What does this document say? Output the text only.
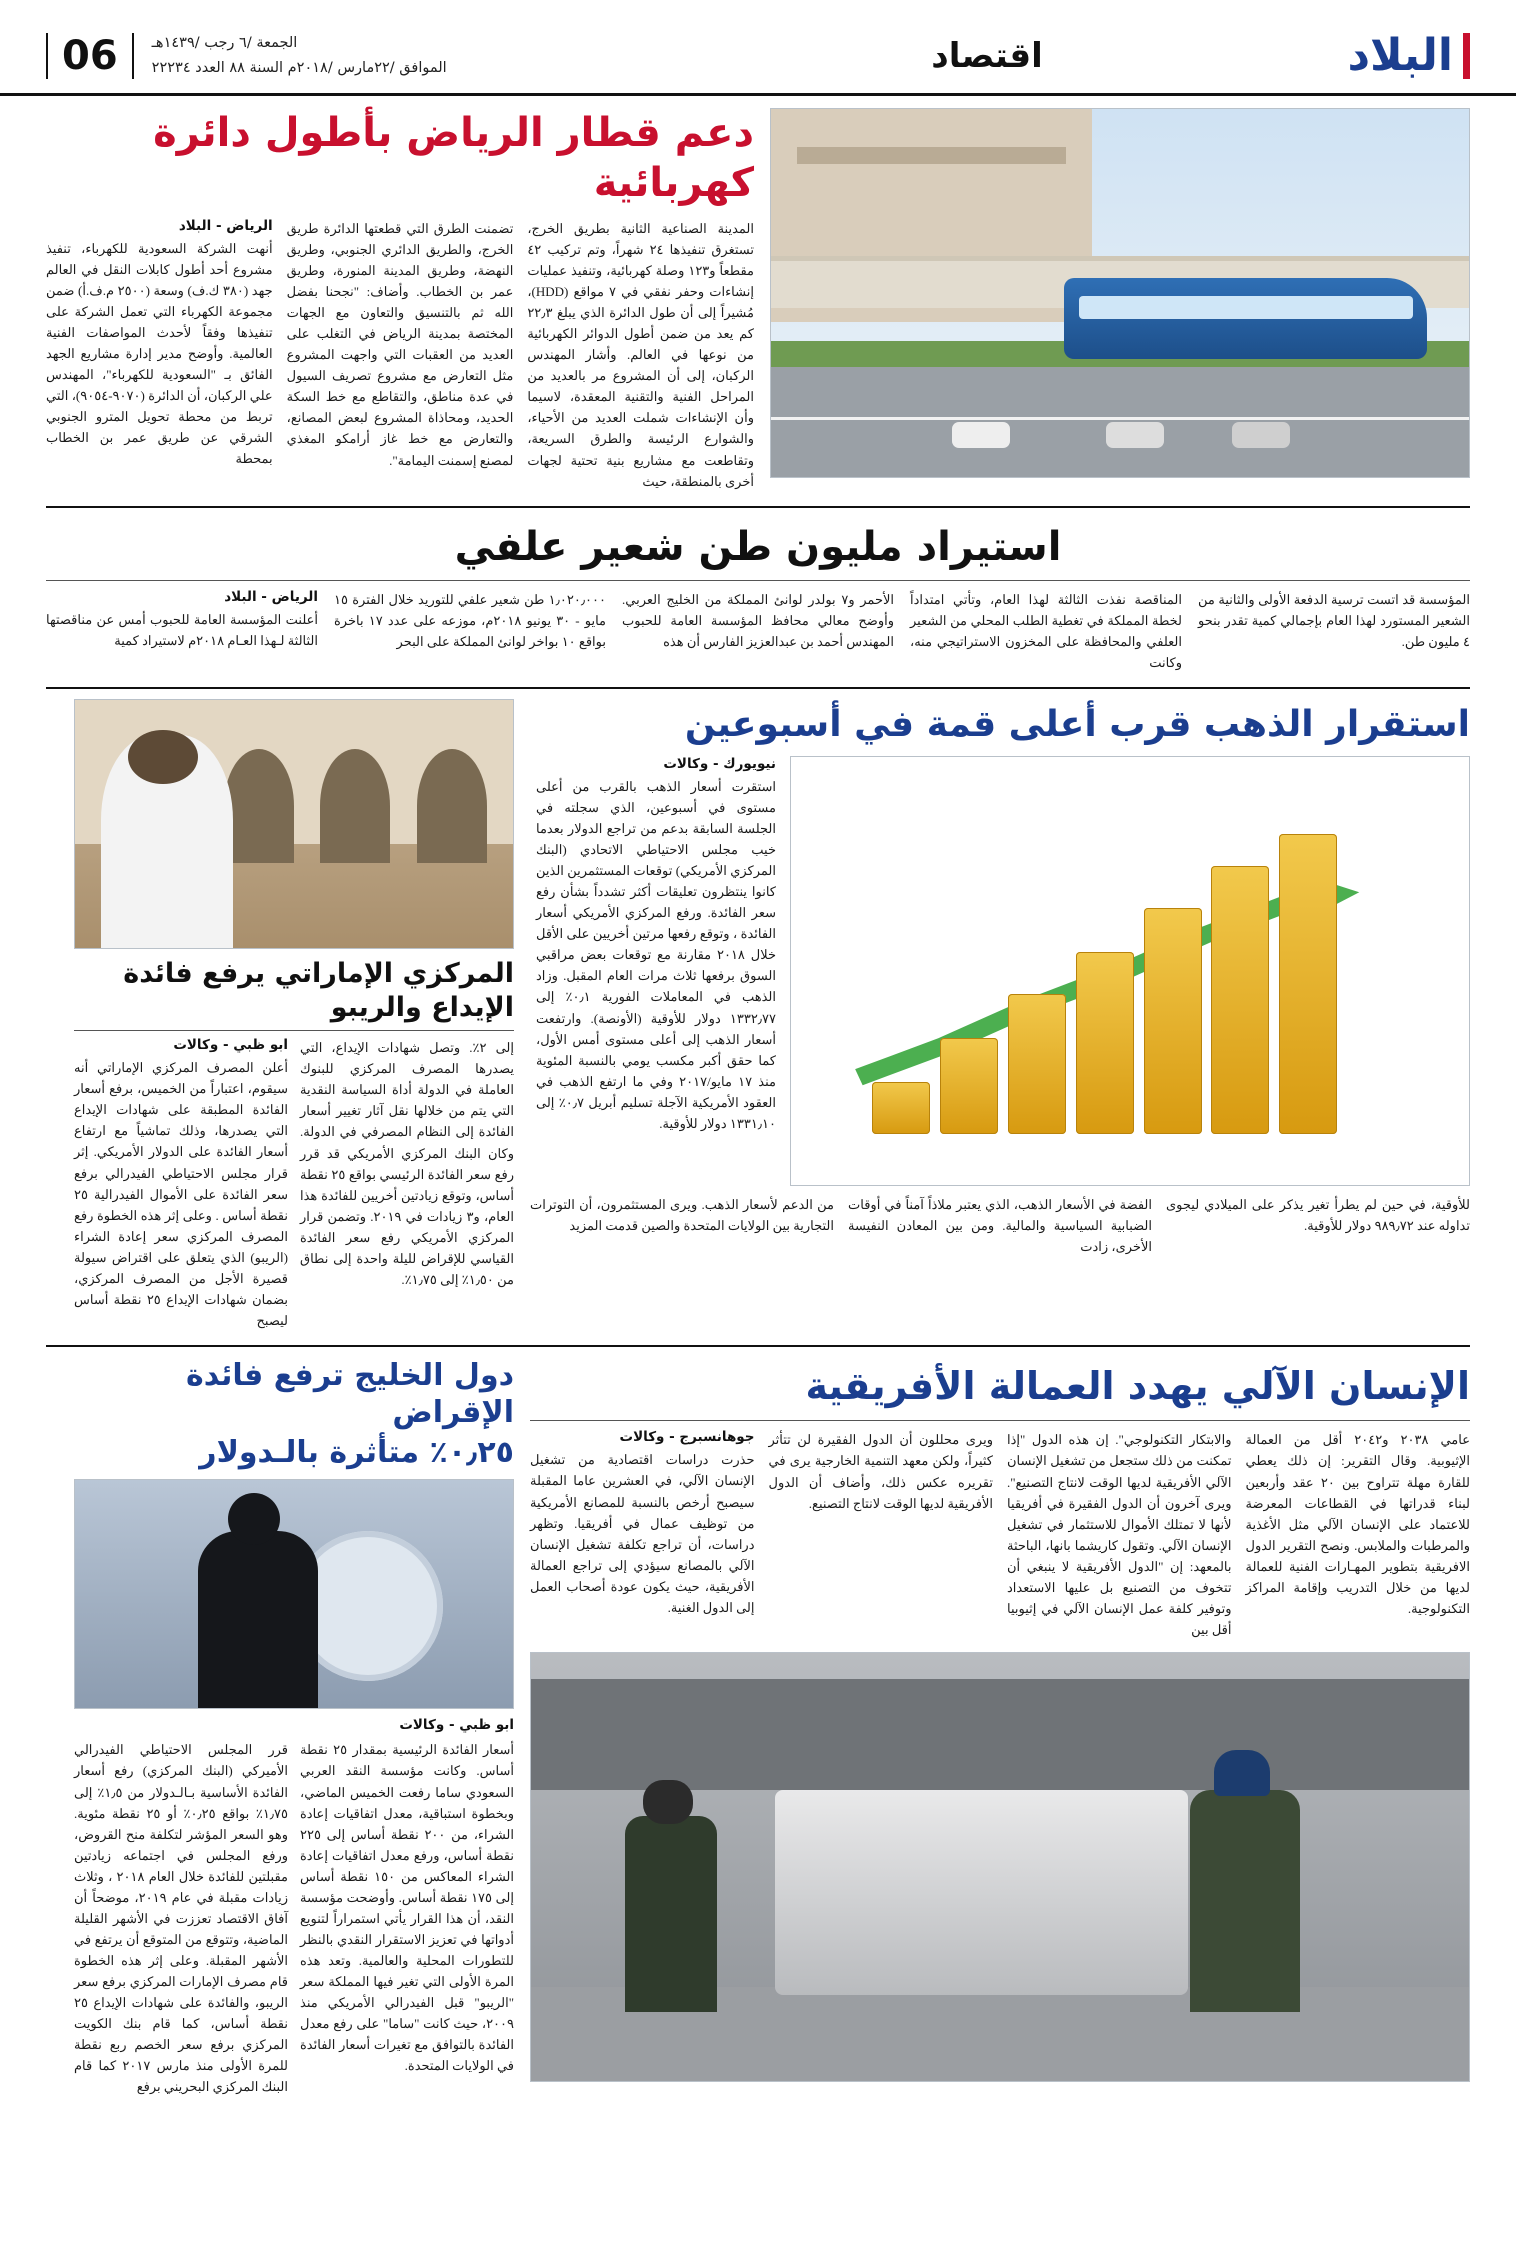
البلاد
اقتصاد
الجمعة /٦ رجب /١٤٣٩هـ
الموافق /٢٢مارس /٢٠١٨م السنة ٨٨ العدد ٢٢٢٣٤
06
دعم قطار الرياض بأطول دائرة كهربائية
المدينة الصناعية الثانية بطريق الخرج، تستغرق تنفيذها ٢٤ شهراً، وتم تركيب ٤٢ مقطعاً و١٢٣ وصلة كهربائية، وتنفيذ عمليات إنشاءات وحفر نفقي في ٧ مواقع (HDD)، مُشيراً إلى أن طول الدائرة الذي يبلغ ٢٢٫٣ كم يعد من ضمن أطول الدوائر الكهربائية من نوعها في العالم. وأشار المهندس الركبان، إلى أن المشروع مر بالعديد من المراحل الفنية والتقنية المعقدة، لاسيما وأن الإنشاءات شملت العديد من الأحياء، والشوارع الرئيسة والطرق السريعة، وتقاطعت مع مشاريع بنية تحتية لجهات أخرى بالمنطقة، حيث
تضمنت الطرق التي قطعتها الدائرة طريق الخرج، والطريق الدائري الجنوبي، وطريق النهضة، وطريق المدينة المنورة، وطريق عمر بن الخطاب. وأضاف: "نجحنا بفضل الله ثم بالتنسيق والتعاون مع الجهات المختصة بمدينة الرياض في التغلب على العديد من العقبات التي واجهت المشروع مثل التعارض مع مشروع تصريف السيول في عدة مناطق، والتقاطع مع خط السكة الحديد، ومحاذاة المشروع لبعض المصانع، والتعارض مع خط غاز أرامكو المغذي لمصنع إسمنت اليمامة".
الرياض - البلاد
أنهت الشركة السعودية للكهرباء، تنفيذ مشروع أحد أطول كابلات النقل في العالم جهد (٣٨٠ ك.ف) وسعة (٢٥٠٠ م.ف.أ) ضمن مجموعة الكهرباء التي تعمل الشركة على تنفيذها وفقاً لأحدث المواصفات الفنية العالمية. وأوضح مدير إدارة مشاريع الجهد الفائق بـ "السعودية للكهرباء"، المهندس علي الركبان، أن الدائرة (٩٠٧٠-٩٠٥٤)، التي تربط من محطة تحويل المترو الجنوبي الشرقي عن طريق عمر بن الخطاب بمحطة
استيراد مليون طن شعير علفي
المؤسسة قد اتست ترسية الدفعة الأولى والثانية من الشعير المستورد لهذا العام بإجمالي كمية تقدر بنحو ٤ مليون طن.
المناقصة نفذت الثالثة لهذا العام، وتأتي امتداداً لخطة المملكة في تغطية الطلب المحلي من الشعير العلفي والمحافظة على المخزون الاستراتيجي منه، وكانت
الأحمر و٧ بولدر لوانئ المملكة من الخليج العربي. وأوضح معالي محافظ المؤسسة العامة للحبوب المهندس أحمد بن عبدالعزيز الفارس أن هذه
١٫٠٢٠٫٠٠٠ طن شعير علفي للتوريد خلال الفترة ١٥ مايو - ٣٠ يونيو ٢٠١٨م، موزعه على عدد ١٧ باخرة بواقع ١٠ بواخر لوانئ المملكة على البحر
الرياض - البلاد
أعلنت المؤسسة العامة للحبوب أمس عن مناقصتها الثالثة لـهذا العـام ٢٠١٨م لاستيراد كمية
استقرار الذهب قرب أعلى قمة في أسبوعين
نيويورك - وكالات
استقرت أسعار الذهب بالقرب من أعلى مستوى في أسبوعين، الذي سجلته في الجلسة السابقة بدعم من تراجع الدولار بعدما خيب مجلس الاحتياطي الاتحادي (البنك المركزي الأمريكي) توقعات المستثمرين الذين كانوا ينتظرون تعليقات أكثر تشدداً بشأن رفع سعر الفائدة. ورفع المركزي الأمريكي أسعار الفائدة ، وتوقع رفعها مرتين أخريين على الأقل خلال ٢٠١٨ مقارنة مع توقعات بعض مراقبي السوق برفعها ثلاث مرات العام المقبل. وزاد الذهب في المعاملات الفورية ٠٫١٪ إلى ١٣٣٢٫٧٧ دولار للأوقية (الأونصة). وارتفعت أسعار الذهب إلى أعلى مستوى أمس الأول، كما حقق أكبر مكسب يومي بالنسبة المئوية منذ ١٧ مايو/٢٠١٧ وفي ما ارتفع الذهب في العقود الأمريكية الآجلة تسليم أبريل ٠٫٧٪ إلى ١٣٣١٫١٠ دولار للأوقية.
للأوقية، في حين لم يطرأ تغير يذكر على الميلادي ليجوى تداوله عند ٩٨٩٫٧٢ دولار للأوقية.
الفضة في الأسعار الذهب، الذي يعتبر ملاذاً آمناً في أوقات الضبابية السياسية والمالية. ومن بين المعادن النفيسة الأخرى، زادت
من الدعم لأسعار الذهب. ويرى المستثمرون، أن التوترات التجارية بين الولايات المتحدة والصين قدمت المزيد
المركزي الإماراتي يرفع فائدة الإيداع والريبو
إلى ٢٪. وتصل شهادات الإيداع، التي يصدرها المصرف المركزي للبنوك العاملة في الدولة أداة السياسة النقدية التي يتم من خلالها نقل آثار تغيير أسعار الفائدة إلى النظام المصرفي في الدولة. وكان البنك المركزي الأمريكي قد قرر رفع سعر الفائدة الرئيسي بواقع ٢٥ نقطة أساس، وتوقع زيادتين أخريين للفائدة هذا العام، و٣ زيادات في ٢٠١٩. وتضمن قرار المركزي الأمريكي رفع سعر الفائدة القياسي للإقراض لليلة واحدة إلى نطاق من ١٫٥٠٪ إلى ١٫٧٥٪.
ابو ظبي - وكالات
أعلن المصرف المركزي الإماراتي أنه سيقوم، اعتباراً من الخميس، برفع أسعار الفائدة المطبقة على شهادات الإيداع التي يصدرها، وذلك تماشياً مع ارتفاع أسعار الفائدة على الدولار الأمريكي. إثر قرار مجلس الاحتياطي الفيدرالي برفع سعر الفائدة على الأموال الفيدرالية ٢٥ نقطة أساس . وعلى إثر هذه الخطوة رفع المصرف المركزي سعر إعادة الشراء (الريبو) الذي يتعلق على اقتراض سيولة قصيرة الأجل من المصرف المركزي، بضمان شهادات الإيداع ٢٥ نقطة أساس ليصبح
الإنسان الآلي يهدد العمالة الأفريقية
عامي ٢٠٣٨ و٢٠٤٢ أقل من العمالة الإثيوبية. وقال التقرير: إن ذلك يعطي للقارة مهلة تتراوح بين ٢٠ عقد وأربعين لبناء قدراتها في القطاعات المعرضة للاعتماد على الإنسان الآلي مثل الأغذية والمرطبات والملابس. ونصح التقرير الدول الافريقية بتطوير المهـارات الفنية للعمالة لديها من خلال التدريب وإقامة المراكز التكنولوجية.
والابتكار التكنولوجي". إن هذه الدول "إذا تمكنت من ذلك ستجعل من تشغيل الإنسان الآلي الأفريقية لديها الوقت لانتاج التصنيع". ويرى آخرون أن الدول الفقيرة في أفريقيا لأنها لا تمتلك الأموال للاستثمار في تشغيل الإنسان الآلي. وتقول كاريشما بانها، الباحثة بالمعهد: إن "الدول الأفريقية لا ينبغي أن تتخوف من التصنيع بل عليها الاستعداد وتوفير كلفة عمل الإنسان الآلي في إثيوبيا أقل بين
ويرى محللون أن الدول الفقيرة لن تتأثر كثيراً، ولكن معهد التنمية الخارجية يرى في تقريره عكس ذلك، وأضاف أن الدول الأفريقية لديها الوقت لانتاج التصنيع.
جوهانسبرج - وكالات
حذرت دراسات اقتصادية من تشغيل الإنسان الآلي، في العشرين عاما المقبلة سيصبح أرخص بالنسبة للمصانع الأمريكية من توظيف عمال في أفريقيا. وتظهر دراسات، أن تراجع تكلفة تشغيل الإنسان الآلي بالمصانع سيؤدي إلى تراجع العمالة الأفريقية، حيث يكون عودة أصحاب العمل إلى الدول الغنية.
دول الخليج ترفع فائدة الإقراض
٠٫٢٥٪ متأثرة بالـدولار
ابو ظبي - وكالات
أسعار الفائدة الرئيسية بمقدار ٢٥ نقطة أساس. وكانت مؤسسة النقد العربي السعودي ساما رفعت الخميس الماضي، وبخطوة استباقية، معدل اتفاقيات إعادة الشراء، من ٢٠٠ نقطة أساس إلى ٢٢٥ نقطة أساس، ورفع معدل اتفاقيات إعادة الشراء المعاكس من ١٥٠ نقطة أساس إلى ١٧٥ نقطة أساس. وأوضحت مؤسسة النقد، أن هذا القرار يأتي استمراراً لتنويع أدواتها في تعزيز الاستقرار النقدي بالنظر للتطورات المحلية والعالمية. وتعد هذه المرة الأولى التي تغير فيها المملكة سعر "الريبو" قبل الفيدرالي الأمريكي منذ ٢٠٠٩، حيث كانت "ساما" على رفع معدل الفائدة بالتوافق مع تغيرات أسعار الفائدة في الولايات المتحدة.
قرر المجلس الاحتياطي الفيدرالي الأميركي (البنك المركزي) رفع أسعار الفائدة الأساسية بـالـدولار من ١٫٥٪ إلى ١٫٧٥٪ بواقع ٠٫٢٥٪ أو ٢٥ نقطة مئوية. وهو السعر المؤشر لتكلفة منح القروض، ورفع المجلس في اجتماعه زيادتين مقبلتين للفائدة خلال العام ٢٠١٨ ، وثلاث زيادات مقبلة في عام ٢٠١٩، موضحاً أن آفاق الاقتصاد تعززت في الأشهر القليلة الماضية، وتتوقع من المتوقع أن يرتفع في الأشهر المقبلة. وعلى إثر هذه الخطوة قام مصرف الإمارات المركزي برفع سعر الريبو، والفائدة على شهادات الإيداع ٢٥ نقطة أساس، كما قام بنك الكويت المركزي برفع سعر الخصم ربع نقطة للمرة الأولى منذ مارس ٢٠١٧ كما قام البنك المركزي البحريني برفع
